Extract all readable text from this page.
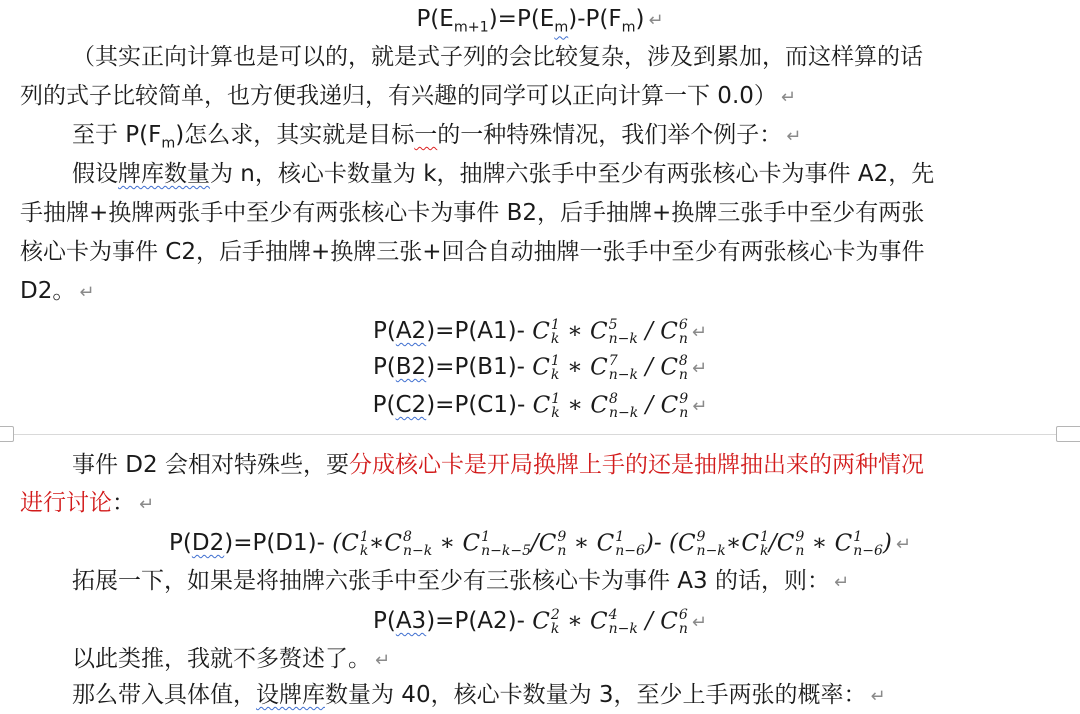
$P(E_{m+1})=P(E_m)-P(F_m)$ ↵
（其实正向计算也是可以的，就是式子列的会比较复杂，涉及到累加，而这样算的话
列的式子比较简单，也方便我递归，有兴趣的同学可以正向计算一下 0.0） ↵
至于 $P(F_m)$怎么求，其实就是目标一的一种特殊情况，我们举个例子： ↵
假设牌库数量为 n，核心卡数量为 k，抽牌六张手中至少有两张核心卡为事件 A2，先
手抽牌+换牌两张手中至少有两张核心卡为事件 B2，后手抽牌+换牌三张手中至少有两张
核心卡为事件 C2，后手抽牌+换牌三张+回合自动抽牌一张手中至少有两张核心卡为事件
D2。 ↵
P(A2)=P(A1)- C 1
k ∗ C 5
n−k / C 6
n ↵
P(B2)=P(B1)- C 1
k ∗ C 7
n−k / C 8
n ↵
P(C2)=P(C1)- C 1
k ∗ C 8
n−k / C 9
n ↵
事件 D2 会相对特殊些，要分成核心卡是开局换牌上手的还是抽牌抽出来的两种情况
进行讨论： ↵
P(D2)=P(D1)- (C 1
k ∗C 8
n−k ∗ C 1
n−k−5 /C 9
n ∗ C 1
n−6 )- (C 9
n−k ∗C 1
k /C 9
n ∗ C 1
n−6 ) ↵
拓展一下，如果是将抽牌六张手中至少有三张核心卡为事件 A3 的话，则： ↵
P(A3)=P(A2)- C 2
k ∗ C 4
n−k / C 6
n ↵
以此类推，我就不多赘述了。 ↵
那么带入具体值，设牌库数量为 40，核心卡数量为 3，至少上手两张的概率： ↵
